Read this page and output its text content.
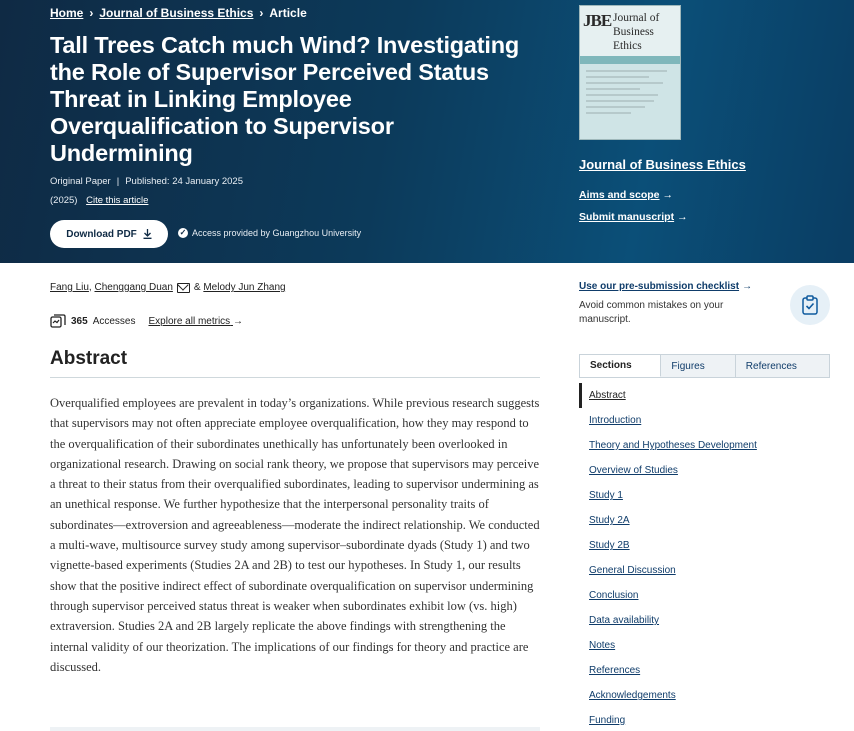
Home › Journal of Business Ethics › Article
Tall Trees Catch much Wind? Investigating the Role of Supervisor Perceived Status Threat in Linking Employee Overqualification to Supervisor Undermining
Original Paper | Published: 24 January 2025
(2025) Cite this article
Download PDF	✓ Access provided by Guangzhou University
JBE Journal of
Business
Ethics
Journal of Business Ethics
Aims and scope →
Submit manuscript →
Fang Liu ,
Chenggang Duan &
Melody Jun Zhang
365 Accesses Explore all metrics →
Abstract

Overqualified employees are prevalent in today’s organizations. While previous research suggests that supervisors may not often appreciate employee overqualification, how they may respond to the overqualification of their subordinates unethically has unfortunately been overlooked in organizational research. Drawing on social rank theory, we propose that supervisors may perceive a threat to their status from their overqualified subordinates, leading to supervisor undermining as an unethical response. We further hypothesize that the interpersonal personality traits of subordinates—extroversion and agreeableness—moderate the indirect relationship. We conducted a multi-wave, multisource survey study among supervisor–subordinate dyads (Study 1) and two vignette-based experiments (Studies 2A and 2B) to test our hypotheses. In Study 1, our results show that the positive indirect effect of subordinate overqualification on supervisor undermining through supervisor perceived status threat is weaker when subordinates exhibit low (vs. high) extraversion. Studies 2A and 2B largely replicate the above findings with strengthening the internal validity of our theorization. The implications of our findings for theory and practice are discussed.

Use our pre-submission checklist →

Avoid common mistakes on your manuscript.

Sections	Figures	References
Abstract
Introduction
Theory and Hypotheses Development
Overview of Studies
Study 1
Study 2A
Study 2B
General Discussion
Conclusion
Data availability
Notes
References
Acknowledgements
Funding
